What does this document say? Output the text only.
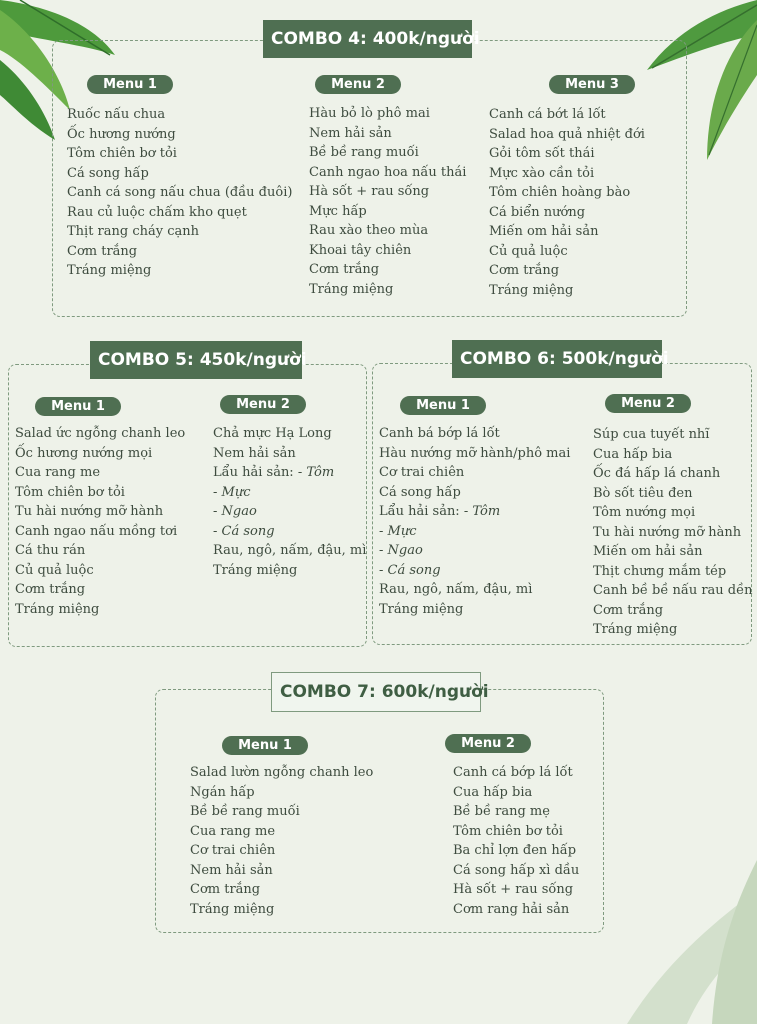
COMBO 4: 400k/người
Menu 1
Ruốc nấu chua
Ốc hương nướng
Tôm chiên bơ tỏi
Cá song hấp
Canh cá song nấu chua (đầu đuôi)
Rau củ luộc chấm kho quẹt
Thịt rang cháy cạnh
Cơm trắng
Tráng miệng
Menu 2
Hàu bỏ lò phô mai
Nem hải sản
Bề bề rang muối
Canh ngao hoa nấu thái
Hà sốt + rau sống
Mực hấp
Rau xào theo mùa
Khoai tây chiên
Cơm trắng
Tráng miệng
Menu 3
Canh cá bớt lá lốt
Salad hoa quả nhiệt đới
Gỏi tôm sốt thái
Mực xào cần tỏi
Tôm chiên hoàng bào
Cá biển nướng
Miến om hải sản
Củ quả luộc
Cơm trắng
Tráng miệng
COMBO 5: 450k/người
Menu 1
Salad ức ngỗng chanh leo
Ốc hương nướng mọi
Cua rang me
Tôm chiên bơ tỏi
Tu hài nướng mỡ hành
Canh ngao nấu mồng tơi
Cá thu rán
Củ quả luộc
Cơm trắng
Tráng miệng
Menu 2
Chả mực Hạ Long
Nem hải sản
Lẩu hải sản: - Tôm
- Mực
- Ngao
- Cá song
Rau, ngô, nấm, đậu, mì
Tráng miệng
COMBO 6: 500k/người
Menu 1
Canh bá bớp lá lốt
Hàu nướng mỡ hành/phô mai
Cơ trai chiên
Cá song hấp
Lẩu hải sản: - Tôm
- Mực
- Ngao
- Cá song
Rau, ngô, nấm, đậu, mì
Tráng miệng
Menu 2
Súp cua tuyết nhĩ
Cua hấp bia
Ốc đá hấp lá chanh
Bò sốt tiêu đen
Tôm nướng mọi
Tu hài nướng mỡ hành
Miến om hải sản
Thịt chưng mắm tép
Canh bề bề nấu rau dền
Cơm trắng
Tráng miệng
COMBO 7: 600k/người
Menu 1
Salad lườn ngỗng chanh leo
Ngán hấp
Bề bề rang muối
Cua rang me
Cơ trai chiên
Nem hải sản
Cơm trắng
Tráng miệng
Menu 2
Canh cá bớp lá lốt
Cua hấp bia
Bề bề rang mẹ
Tôm chiên bơ tỏi
Ba chỉ lợn đen hấp
Cá song hấp xì dầu
Hà sốt + rau sống
Cơm rang hải sản
